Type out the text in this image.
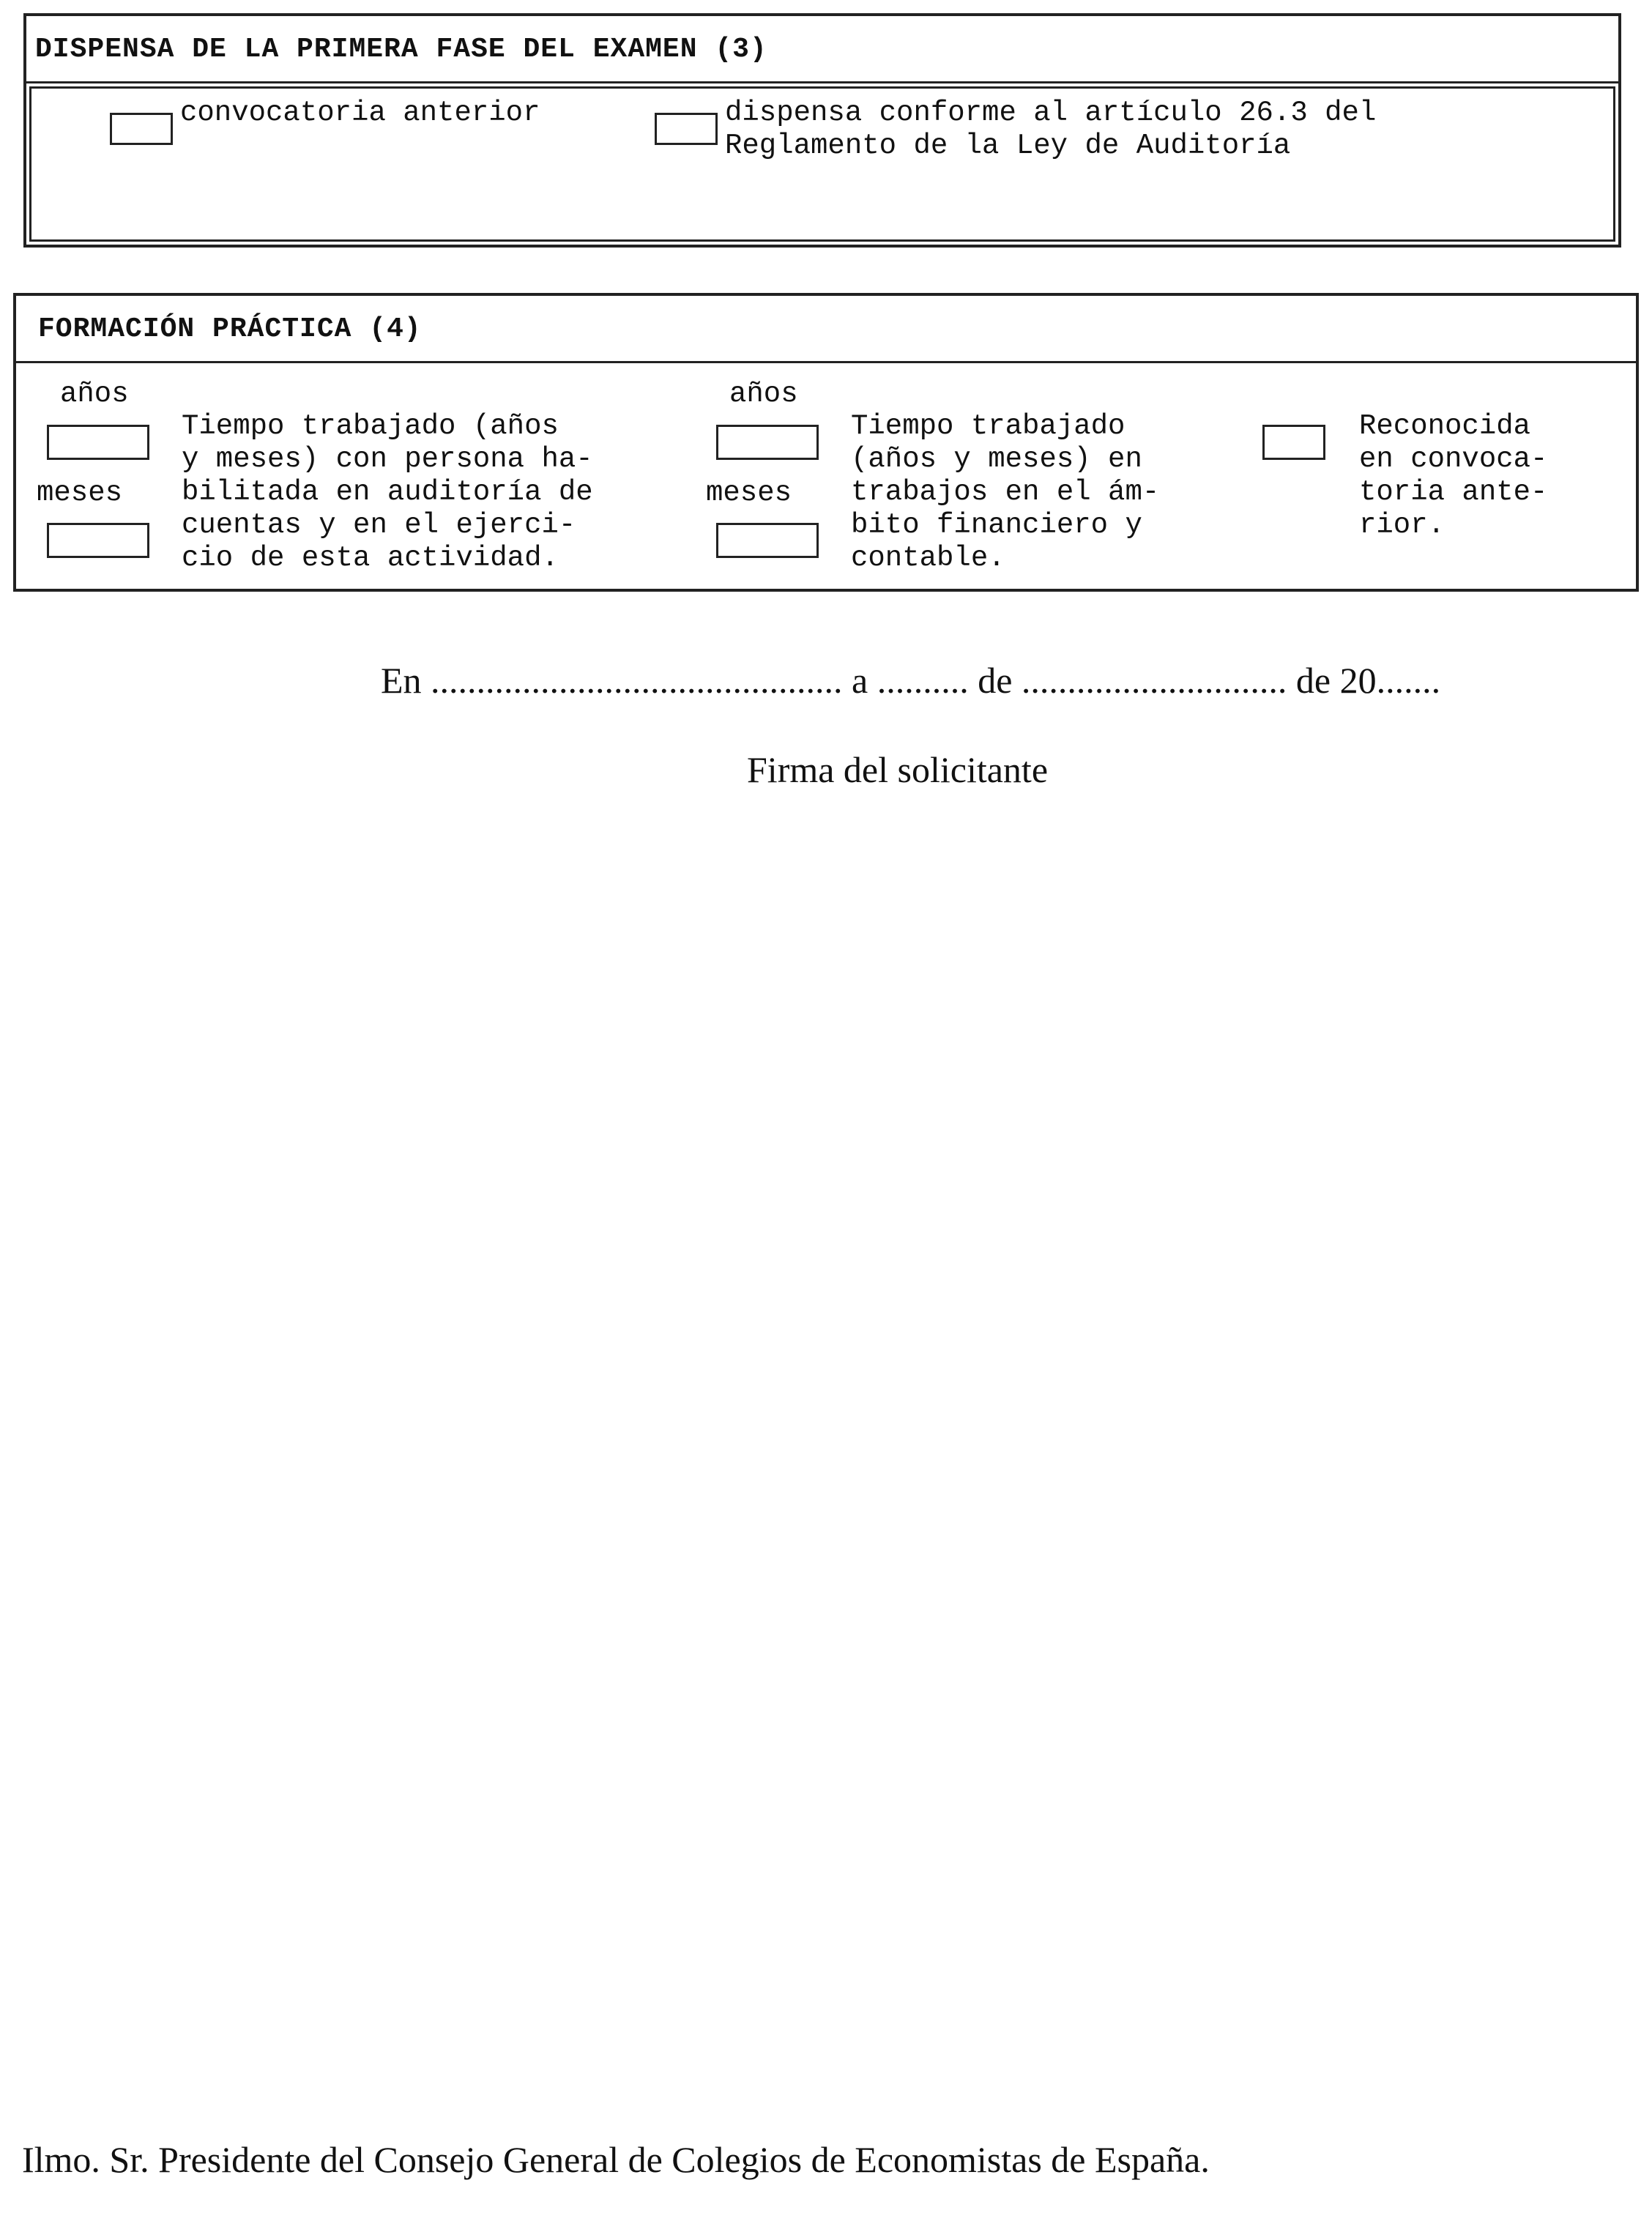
DISPENSA DE LA PRIMERA FASE DEL EXAMEN (3)
convocatoria anterior	dispensa conforme al artículo 26.3 del
Reglamento de la Ley de Auditoría
FORMACIÓN PRÁCTICA (4)
años
meses
Tiempo trabajado (años
y meses) con persona ha-
bilitada en auditoría de
cuentas y en el ejerci-
cio de esta actividad.
años
meses
Tiempo trabajado
(años y meses) en
trabajos en el ám-
bito financiero y
contable.
Reconocida
en convoca-
toria ante-
rior.
En ............................................. a .......... de ............................. de 20.......
Firma del solicitante
Ilmo. Sr. Presidente del Consejo General de Colegios de Economistas de España.
